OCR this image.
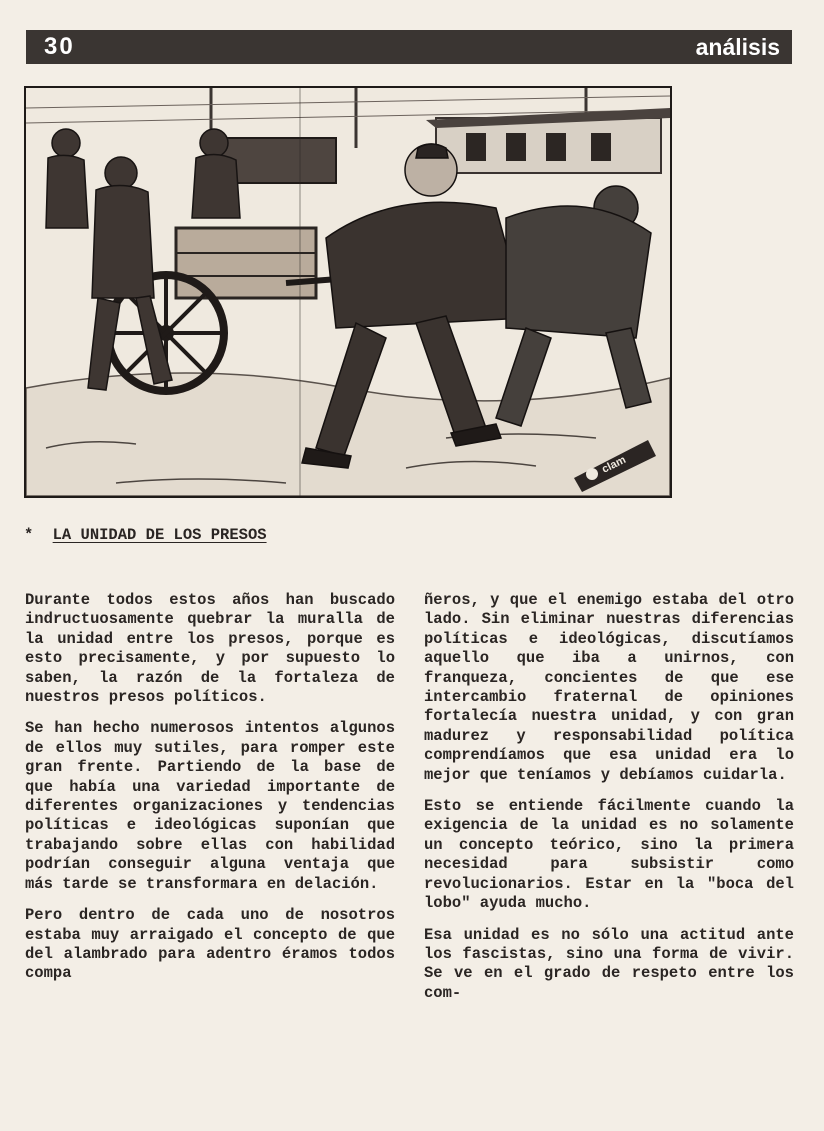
30	análisis
clam
* LA UNIDAD DE LOS PRESOS

Durante todos estos años han buscado indructuosamente quebrar la muralla de la unidad entre los presos, porque es esto precisamente, y por supuesto lo saben, la razón de la fortaleza de nuestros presos políticos.

Se han hecho numerosos intentos algunos de ellos muy sutiles, para romper este gran frente. Partiendo de la base de que había una variedad importante de diferentes organizaciones y tendencias políticas e ideológicas suponían que trabajando sobre ellas con habilidad podrían conseguir alguna ventaja que más tarde se transformara en delación.

Pero dentro de cada uno de nosotros estaba muy arraigado el concepto de que del alambrado para adentro éramos todos compa

ñeros, y que el enemigo estaba del otro lado. Sin eliminar nuestras diferencias políticas e ideológicas, discutíamos aquello que iba a unirnos, con franqueza, concientes de que ese intercambio fraternal de opiniones fortalecía nuestra unidad, y con gran madurez y responsabilidad política comprendíamos que esa unidad era lo mejor que teníamos y debíamos cuidarla.

Esto se entiende fácilmente cuando la exigencia de la unidad es no solamente un concepto teórico, sino la primera necesidad para subsistir como revolucionarios. Estar en la "boca del lobo" ayuda mucho.

Esa unidad es no sólo una actitud ante los fascistas, sino una forma de vivir. Se ve en el grado de respeto entre los com-
